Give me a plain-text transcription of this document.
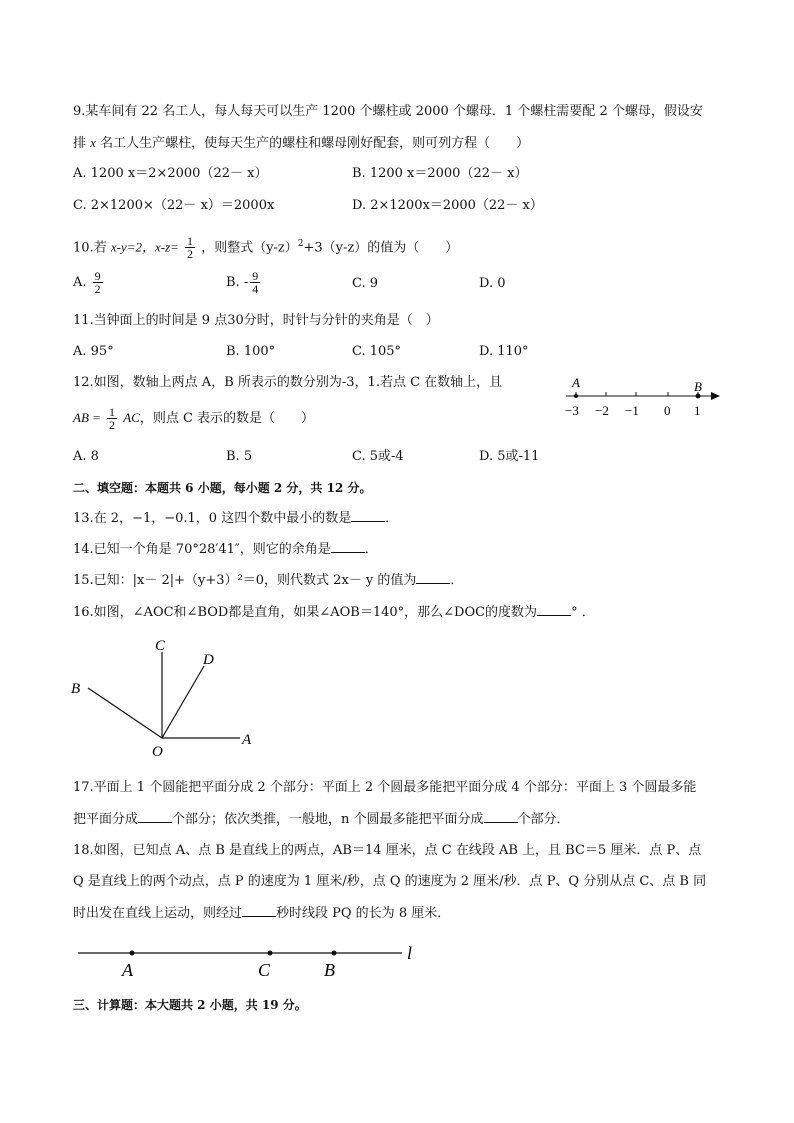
9.某车间有 22 名工人，每人每天可以生产 1200 个螺柱或 2000 个螺母．1 个螺柱需要配 2 个螺母，假设安
排 x 名工人生产螺柱，使每天生产的螺柱和螺母刚好配套，则可列方程（　　）
A. 1200 x＝2×2000（22－ x）	B. 1200 x＝2000（22－ x）
C. 2×1200×（22－ x）＝2000x	D. 2×1200x＝2000（22－ x）
10.若 x-y=2，$x-z= \frac{1}{2}$ ，则整式$(y-z)^2+3(y-z)$的值为（　　）
A. $\frac{9}{2}$	B. - $\frac{9}{4}$	C. 9	D. 0
11.当钟面上的时间是 9 点30分时，时针与分针的夹角是（　）
A. 95°	B. 100°	C. 105°	D. 110°
12.如图，数轴上两点 A，B 所表示的数分别为-3，1.若点 C 在数轴上，且
AB = $\frac{1}{2}$ AC，则点 C 表示的数是（　　）
A	B
−3 −2 −1 0 1
A. 8	B. 5	C. 5或-4	D. 5或-11
二、填空题：本题共 6 小题，每小题 2 分，共 12 分。
13.在 2，−1，−0.1，0 这四个数中最小的数是	．
14.已知一个角是 70°28′41″，则它的余角是	．
15.已知：|x－ 2|+（y+3）²＝0，则代数式 2x－ y 的值为	．
16.如图，∠AOC和∠BOD都是直角，如果∠AOB＝140°，那么∠DOC的度数为	° ．
C
D
B
O
A
17.平面上 1 个圆能把平面分成 2 个部分：平面上 2 个圆最多能把平面分成 4 个部分：平面上 3 个圆最多能
把平面分成	个部分；依次类推，一般地，n 个圆最多能把平面分成	个部分．
18.如图，已知点 A、点 B 是直线上的两点，AB＝14 厘米，点 C 在线段 AB 上，且 BC＝5 厘米．点 P、点
Q 是直线上的两个动点，点 P 的速度为 1 厘米/秒，点 Q 的速度为 2 厘米/秒．点 P、Q 分别从点 C、点 B 同
时出发在直线上运动，则经过	秒时线段 PQ 的长为 8 厘米．
A	C	B
l
三、计算题：本大题共 2 小题，共 19 分。
